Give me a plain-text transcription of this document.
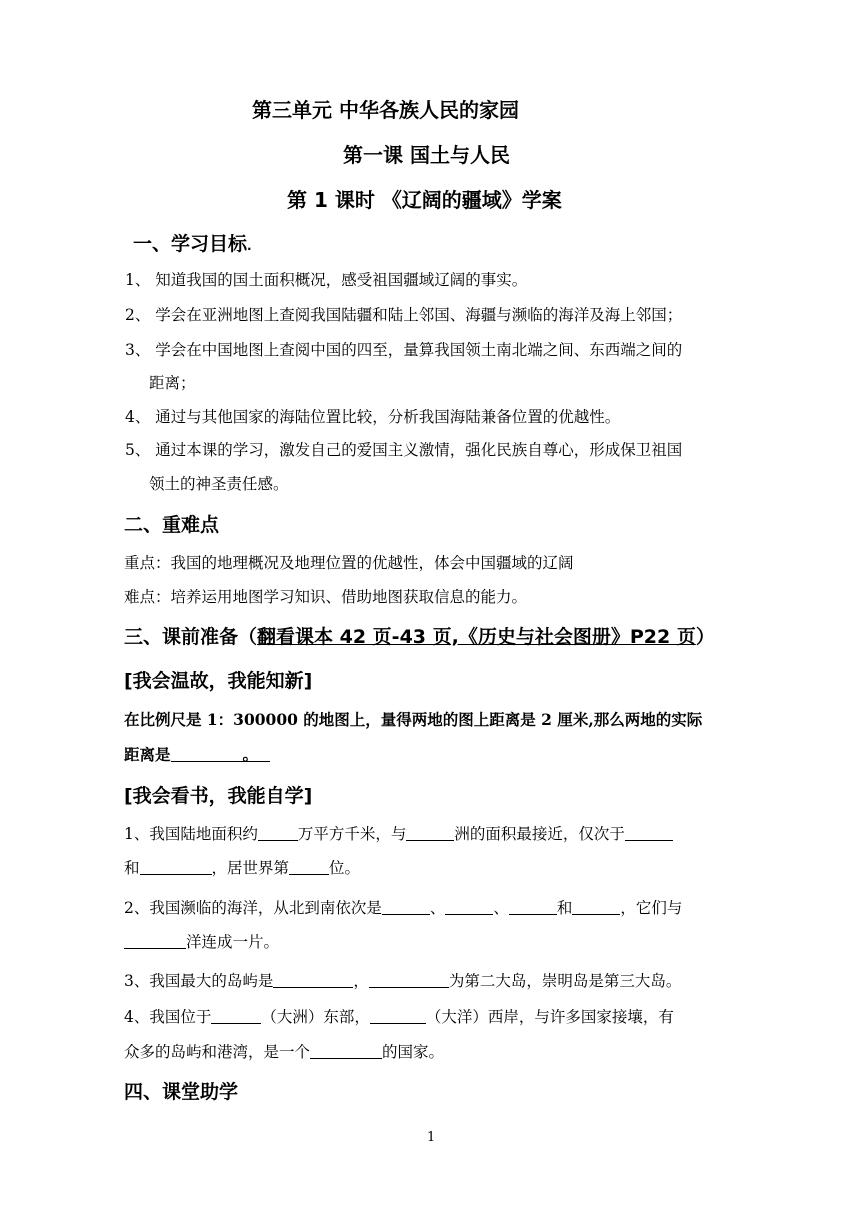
第三单元 中华各族人民的家园
第一课 国土与人民
第 1 课时 《辽阔的疆域》学案
一、学习目标.
1、 知道我国的国土面积概况，感受祖国疆域辽阔的事实。
2、 学会在亚洲地图上查阅我国陆疆和陆上邻国、海疆与濒临的海洋及海上邻国；
3、 学会在中国地图上查阅中国的四至，量算我国领土南北端之间、东西端之间的
距离；
4、 通过与其他国家的海陆位置比较，分析我国海陆兼备位置的优越性。
5、 通过本课的学习，激发自己的爱国主义激情，强化民族自尊心，形成保卫祖国
领土的神圣责任感。
二、重难点
重点：我国的地理概况及地理位置的优越性，体会中国疆域的辽阔
难点：培养运用地图学习知识、借助地图获取信息的能力。
三、课前准备（翻看课本 42 页-43 页,《历史与社会图册》P22 页）
[我会温故，我能知新]
在比例尺是 1：300000 的地图上，量得两地的图上距离是 2 厘米,那么两地的实际
距离是	。
[我会看书，我能自学]
1、我国陆地面积约	万平方千米，与	洲的面积最接近，仅次于
和	，居世界第	位。
2、我国濒临的海洋，从北到南依次是	、	、	和	，它们与
洋连成一片。
3、我国最大的岛屿是	，	为第二大岛，崇明岛是第三大岛。
4、我国位于	（大洲）东部，	（大洋）西岸，与许多国家接壤，有
众多的岛屿和港湾，是一个	的国家。
四、课堂助学
1
